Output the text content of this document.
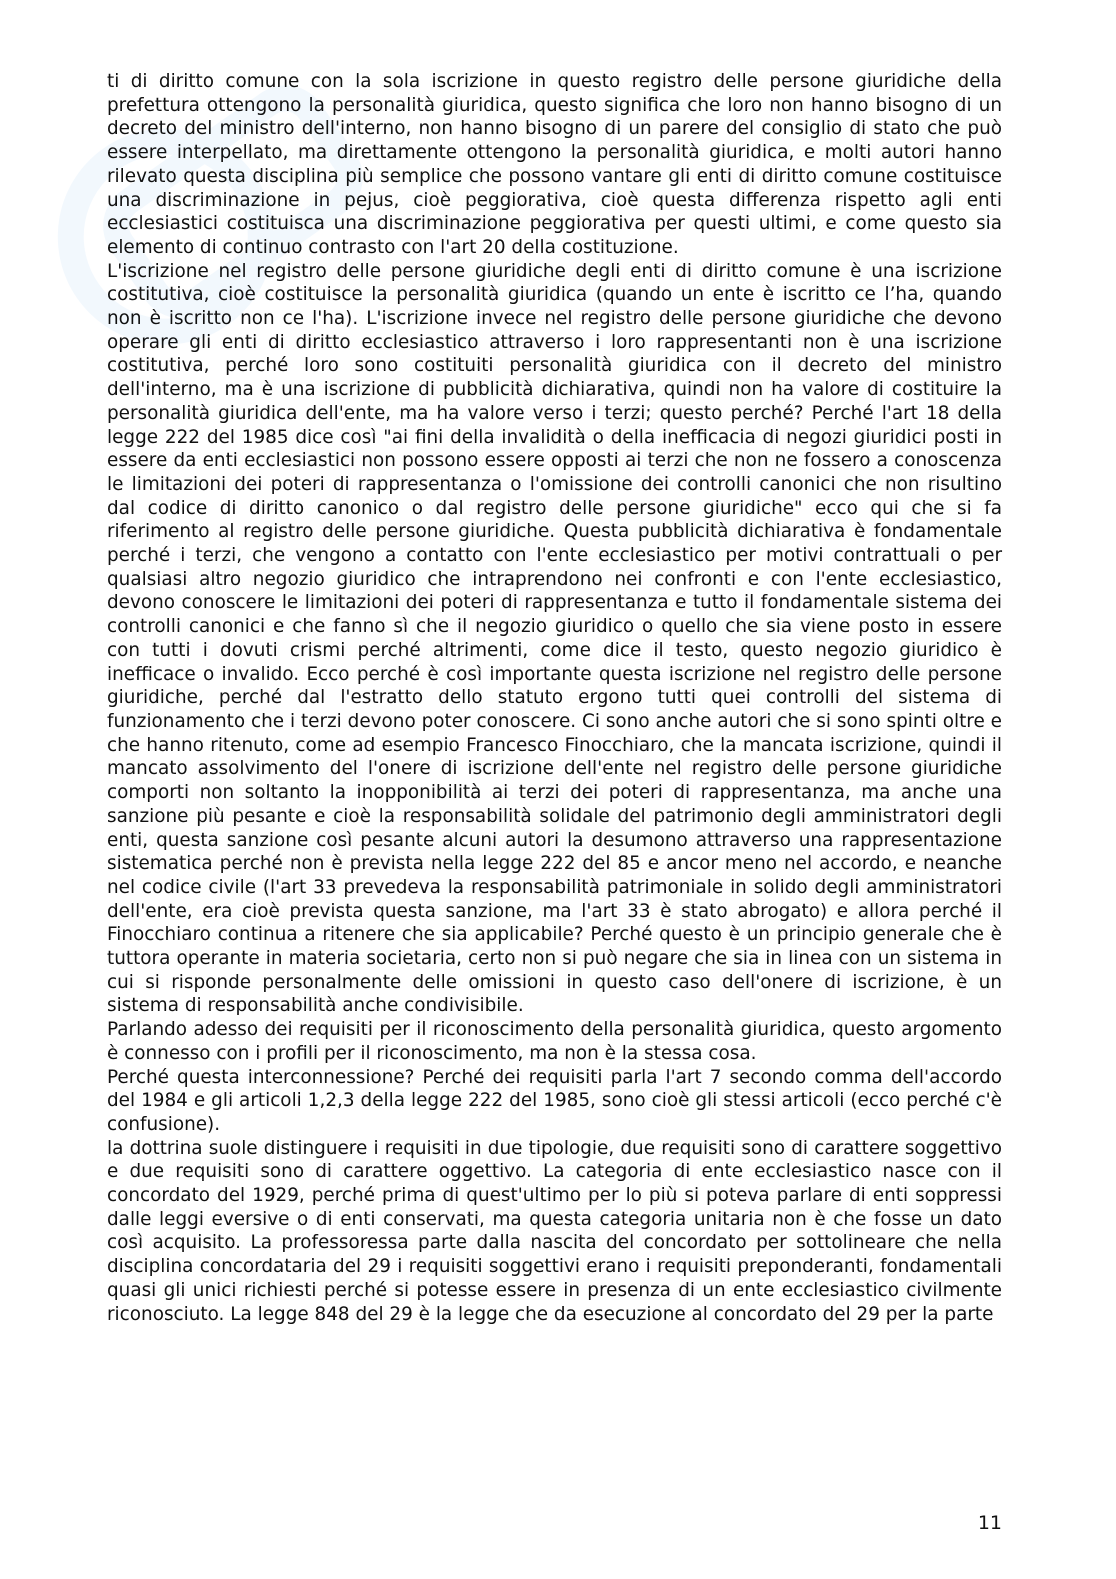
ti di diritto comune con la sola iscrizione in questo registro delle persone giuridiche della prefettura ottengono la personalità giuridica, questo significa che loro non hanno bisogno di un decreto del ministro dell'interno, non hanno bisogno di un parere del consiglio di stato che può essere interpellato, ma direttamente ottengono la personalità giuridica, e molti autori hanno rilevato questa disciplina più semplice che possono vantare gli enti di diritto comune costituisce una discriminazione in pejus, cioè peggiorativa, cioè questa differenza rispetto agli enti ecclesiastici costituisca una discriminazione peggiorativa per questi ultimi, e come questo sia elemento di continuo contrasto con l'art 20 della costituzione.

L'iscrizione nel registro delle persone giuridiche degli enti di diritto comune è una iscrizione costitutiva, cioè costituisce la personalità giuridica (quando un ente è iscritto ce l’ha, quando non è iscritto non ce l'ha). L'iscrizione invece nel registro delle persone giuridiche che devono operare gli enti di diritto ecclesiastico attraverso i loro rappresentanti non è una iscrizione costitutiva, perché loro sono costituiti personalità giuridica con il decreto del ministro dell'interno, ma è una iscrizione di pubblicità dichiarativa, quindi non ha valore di costituire la personalità giuridica dell'ente, ma ha valore verso i terzi; questo perché? Perché l'art 18 della legge 222 del 1985 dice così "ai fini della invalidità o della inefficacia di negozi giuridici posti in essere da enti ecclesiastici non possono essere opposti ai terzi che non ne fossero a conoscenza le limitazioni dei poteri di rappresentanza o l'omissione dei controlli canonici che non risultino dal codice di diritto canonico o dal registro delle persone giuridiche" ecco qui che si fa riferimento al registro delle persone giuridiche. Questa pubblicità dichiarativa è fondamentale perché i terzi, che vengono a contatto con l'ente ecclesiastico per motivi contrattuali o per qualsiasi altro negozio giuridico che intraprendono nei confronti e con l'ente ecclesiastico, devono conoscere le limitazioni dei poteri di rappresentanza e tutto il fondamentale sistema dei controlli canonici e che fanno sì che il negozio giuridico o quello che sia viene posto in essere con tutti i dovuti crismi perché altrimenti, come dice il testo, questo negozio giuridico è inefficace o invalido. Ecco perché è così importante questa iscrizione nel registro delle persone giuridiche, perché dal l'estratto dello statuto ergono tutti quei controlli del sistema di funzionamento che i terzi devono poter conoscere. Ci sono anche autori che si sono spinti oltre e che hanno ritenuto, come ad esempio Francesco Finocchiaro, che la mancata iscrizione, quindi il mancato assolvimento del l'onere di iscrizione dell'ente nel registro delle persone giuridiche comporti non soltanto la inopponibilità ai terzi dei poteri di rappresentanza, ma anche una sanzione più pesante e cioè la responsabilità solidale del patrimonio degli amministratori degli enti, questa sanzione così pesante alcuni autori la desumono attraverso una rappresentazione sistematica perché non è prevista nella legge 222 del 85 e ancor meno nel accordo, e neanche nel codice civile (l'art 33 prevedeva la responsabilità patrimoniale in solido degli amministratori dell'ente, era cioè prevista questa sanzione, ma l'art 33 è stato abrogato) e allora perché il Finocchiaro continua a ritenere che sia applicabile? Perché questo è un principio generale che è tuttora operante in materia societaria, certo non si può negare che sia in linea con un sistema in cui si risponde personalmente delle omissioni in questo caso dell'onere di iscrizione, è un sistema di responsabilità anche condivisibile.

Parlando adesso dei requisiti per il riconoscimento della personalità giuridica, questo argomento è connesso con i profili per il riconoscimento, ma non è la stessa cosa.

Perché questa interconnessione? Perché dei requisiti parla l'art 7 secondo comma dell'accordo del 1984 e gli articoli 1,2,3 della legge 222 del 1985, sono cioè gli stessi articoli (ecco perché c'è confusione).

la dottrina suole distinguere i requisiti in due tipologie, due requisiti sono di carattere soggettivo e due requisiti sono di carattere oggettivo. La categoria di ente ecclesiastico nasce con il concordato del 1929, perché prima di quest'ultimo per lo più si poteva parlare di enti soppressi dalle leggi eversive o di enti conservati, ma questa categoria unitaria non è che fosse un dato così acquisito. La professoressa parte dalla nascita del concordato per sottolineare che nella disciplina concordataria del 29 i requisiti soggettivi erano i requisiti preponderanti, fondamentali quasi gli unici richiesti perché si potesse essere in presenza di un ente ecclesiastico civilmente riconosciuto. La legge 848 del 29 è la legge che da esecuzione al concordato del 29 per la parte

11
